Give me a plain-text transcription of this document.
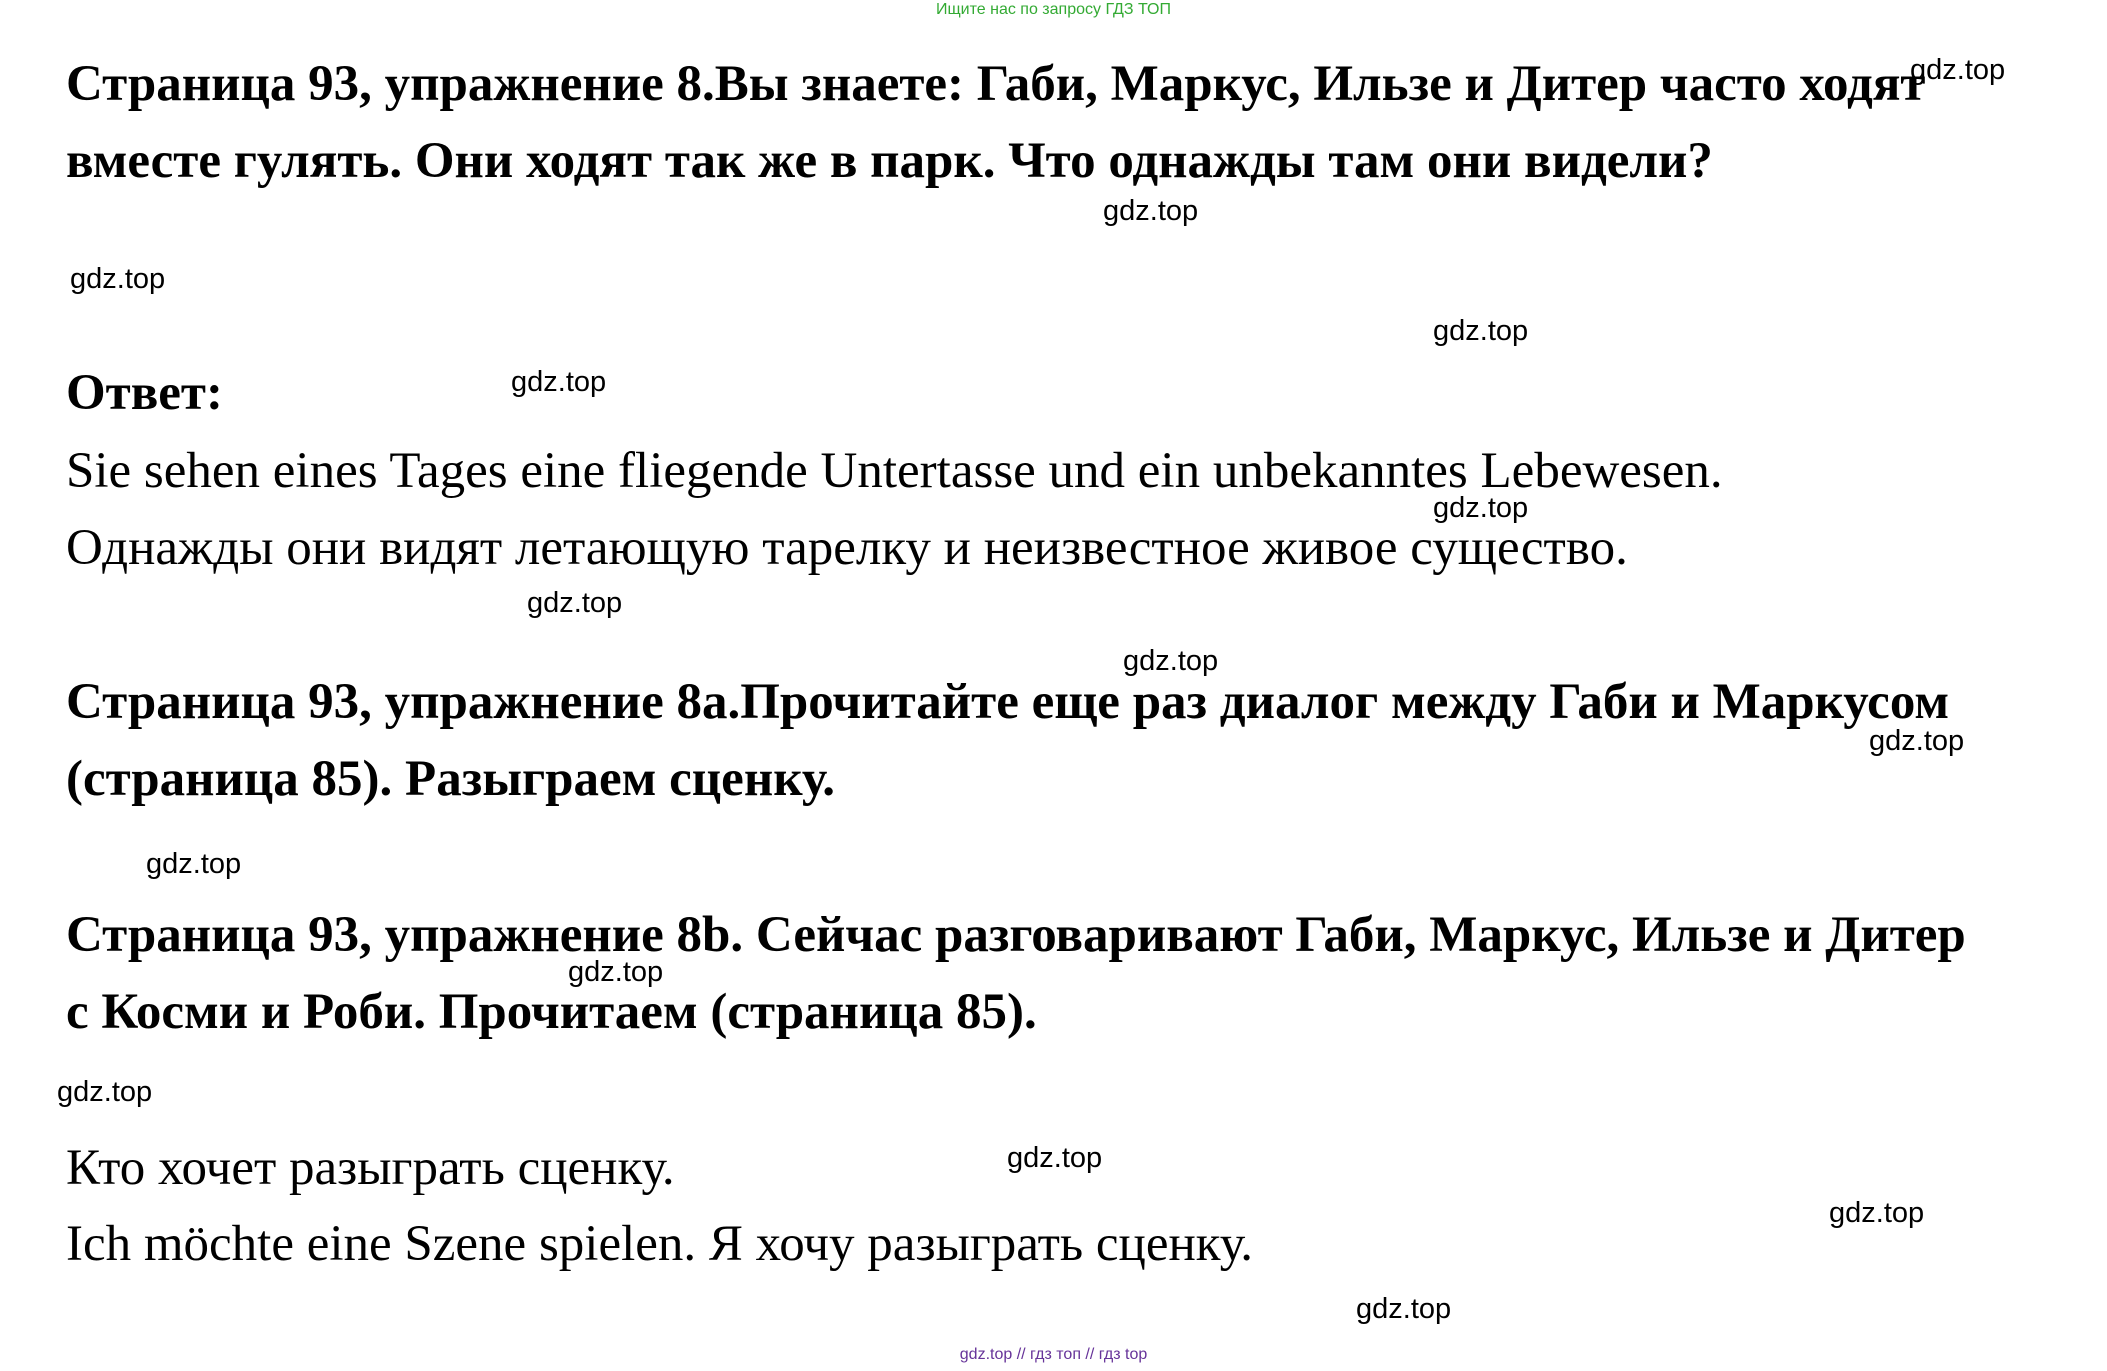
Ищите нас по запросу ГДЗ ТОП

Страница 93, упражнение 8.Вы знаете: Габи, Маркус, Ильзе и Дитер часто ходят вместе гулять. Они ходят так же в парк. Что однажды там они видели?

Ответ:

Sie sehen eines Tages eine fliegende Untertasse und ein unbekanntes Lebewesen.

Однажды они видят летающую тарелку и неизвестное живое существо.

Страница 93, упражнение 8а.Прочитайте еще раз диалог между Габи и Маркусом (страница 85). Разыграем сценку.

Страница 93, упражнение 8b. Сейчас разговаривают Габи, Маркус, Ильзе и Дитер с Косми и Роби. Прочитаем (страница 85).

Кто хочет разыграть сценку.

Ich möchte eine Szene spielen. Я хочу разыграть сценку.

gdz.top
gdz.top
gdz.top
gdz.top
gdz.top
gdz.top
gdz.top
gdz.top
gdz.top
gdz.top
gdz.top
gdz.top
gdz.top
gdz.top
gdz.top
gdz.top // гдз топ // гдз top
